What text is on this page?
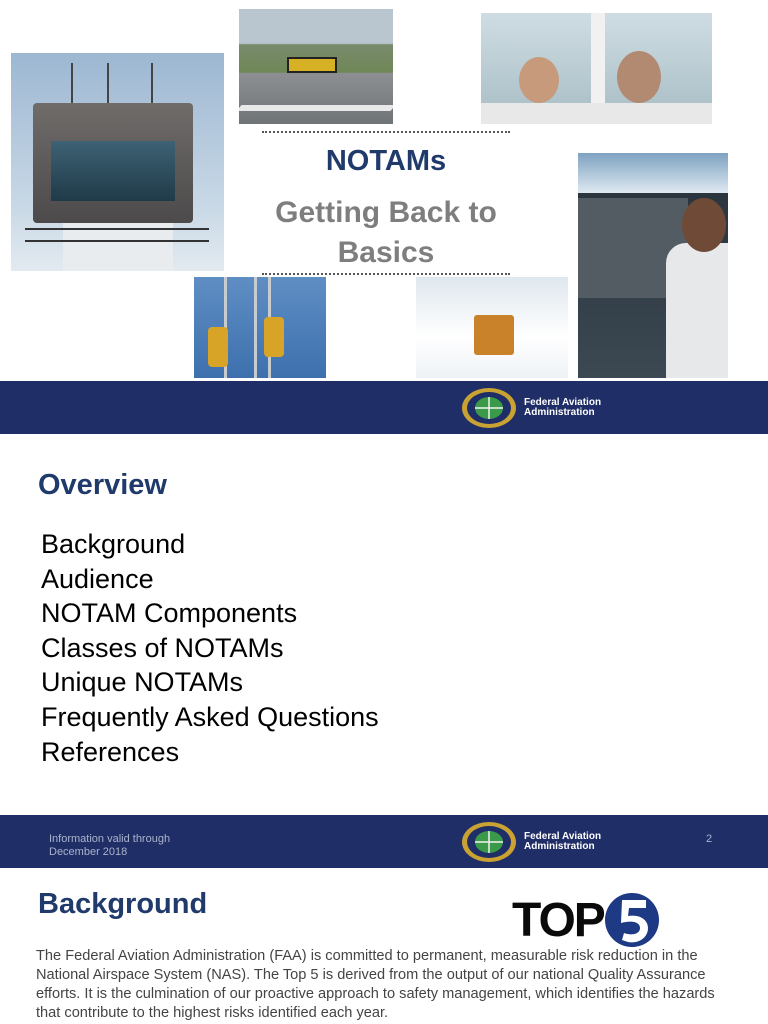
NOTAMs
Getting Back to Basics
Federal Aviation
Administration
Overview
Background
Audience
NOTAM Components
Classes of NOTAMs
Unique NOTAMs
Frequently Asked Questions
References
Information valid through
December 2018
Federal Aviation
Administration
2
Background	TOP

The Federal Aviation Administration (FAA) is committed to permanent, measurable risk reduction in the National Airspace System (NAS). The Top 5 is derived from the output of our national Quality Assurance efforts. It is the culmination of our proactive approach to safety management, which identifies the hazards that contribute to the highest risks identified each year.
